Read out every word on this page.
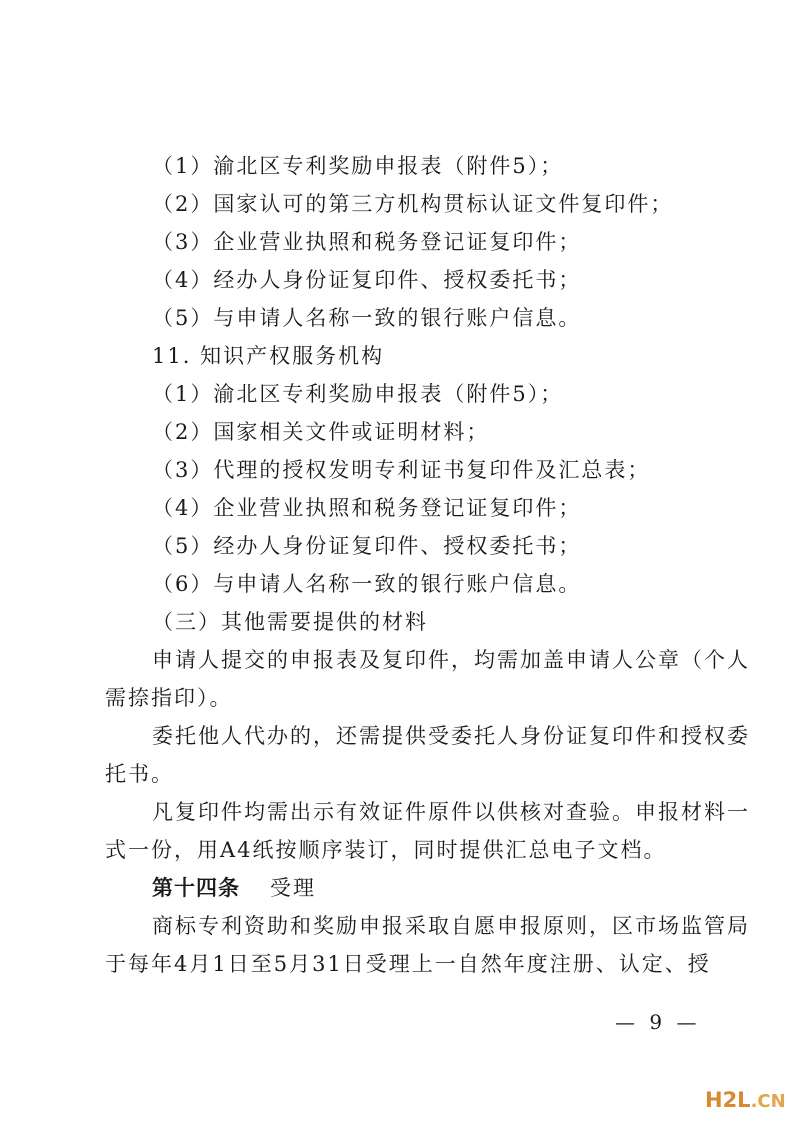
（1）渝北区专利奖励申报表（附件5）；
（2）国家认可的第三方机构贯标认证文件复印件；
（3）企业营业执照和税务登记证复印件；
（4）经办人身份证复印件、授权委托书；
（5）与申请人名称一致的银行账户信息。
11. 知识产权服务机构
（1）渝北区专利奖励申报表（附件5）；
（2）国家相关文件或证明材料；
（3）代理的授权发明专利证书复印件及汇总表；
（4）企业营业执照和税务登记证复印件；
（5）经办人身份证复印件、授权委托书；
（6）与申请人名称一致的银行账户信息。
（三）其他需要提供的材料
申请人提交的申报表及复印件，均需加盖申请人公章（个人
需捺指印）。
委托他人代办的，还需提供受委托人身份证复印件和授权委
托书。
凡复印件均需出示有效证件原件以供核对查验。申报材料一
式一份，用A4纸按顺序装订，同时提供汇总电子文档。
第十四条 受理
商标专利资助和奖励申报采取自愿申报原则，区市场监管局
于每年4月1日至5月31日受理上一自然年度注册、认定、授
— 9 —
H2L.CN
